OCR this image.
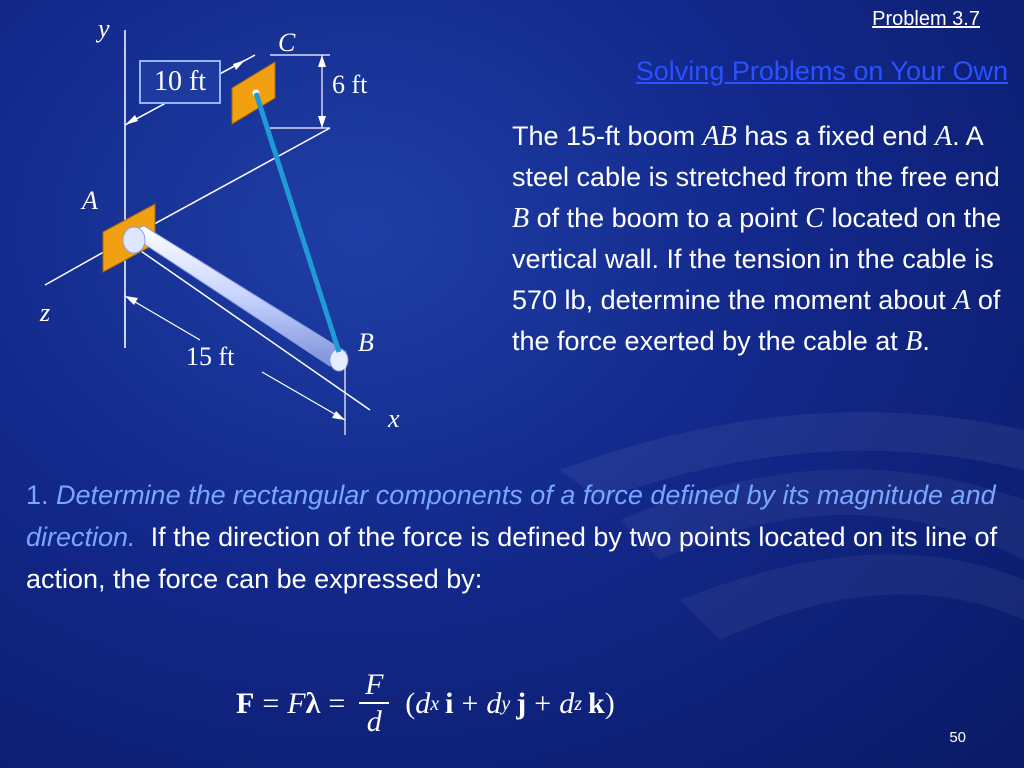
Problem 3.7
Solving Problems on Your Own
y	C
10 ft	6 ft
A
z
B
15 ft
x
The 15-ft boom AB has a fixed end A. A steel cable is stretched from the free end B of the boom to a point C located on the vertical wall. If the tension in the cable is 570 lb, determine the moment about A of the force exerted by the cable at B.
1. Determine the rectangular components of a force defined by its magnitude and direction. If the direction of the force is defined by two points located on its line of action, the force can be expressed by:
F = F λ =
F
d
( d x i + d y j + d z k )
50
